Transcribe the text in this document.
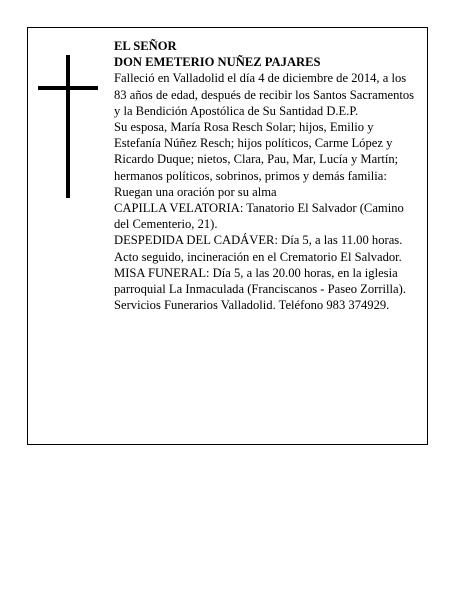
EL SEÑOR

DON EMETERIO NUÑEZ PAJARES

Falleció en Valladolid el día 4 de diciembre de 2014, a los 83 años de edad, después de recibir los Santos Sacramentos y la Bendición Apostólica de Su Santidad D.E.P.

Su esposa, María Rosa Resch Solar; hijos, Emilio y Estefanía Núñez Resch; hijos políticos, Carme López y Ricardo Duque; nietos, Clara, Pau, Mar, Lucía y Martín; hermanos políticos, sobrinos, primos y demás familia:

Ruegan una oración por su alma

CAPILLA VELATORIA: Tanatorio El Salvador (Camino del Cementerio, 21).

DESPEDIDA DEL CADÁVER: Día 5, a las 11.00 horas. Acto seguido, incineración en el Crematorio El Salvador.

MISA FUNERAL: Día 5, a las 20.00 horas, en la iglesia parroquial La Inmaculada (Franciscanos - Paseo Zorrilla).

Servicios Funerarios Valladolid. Teléfono 983 374929.
